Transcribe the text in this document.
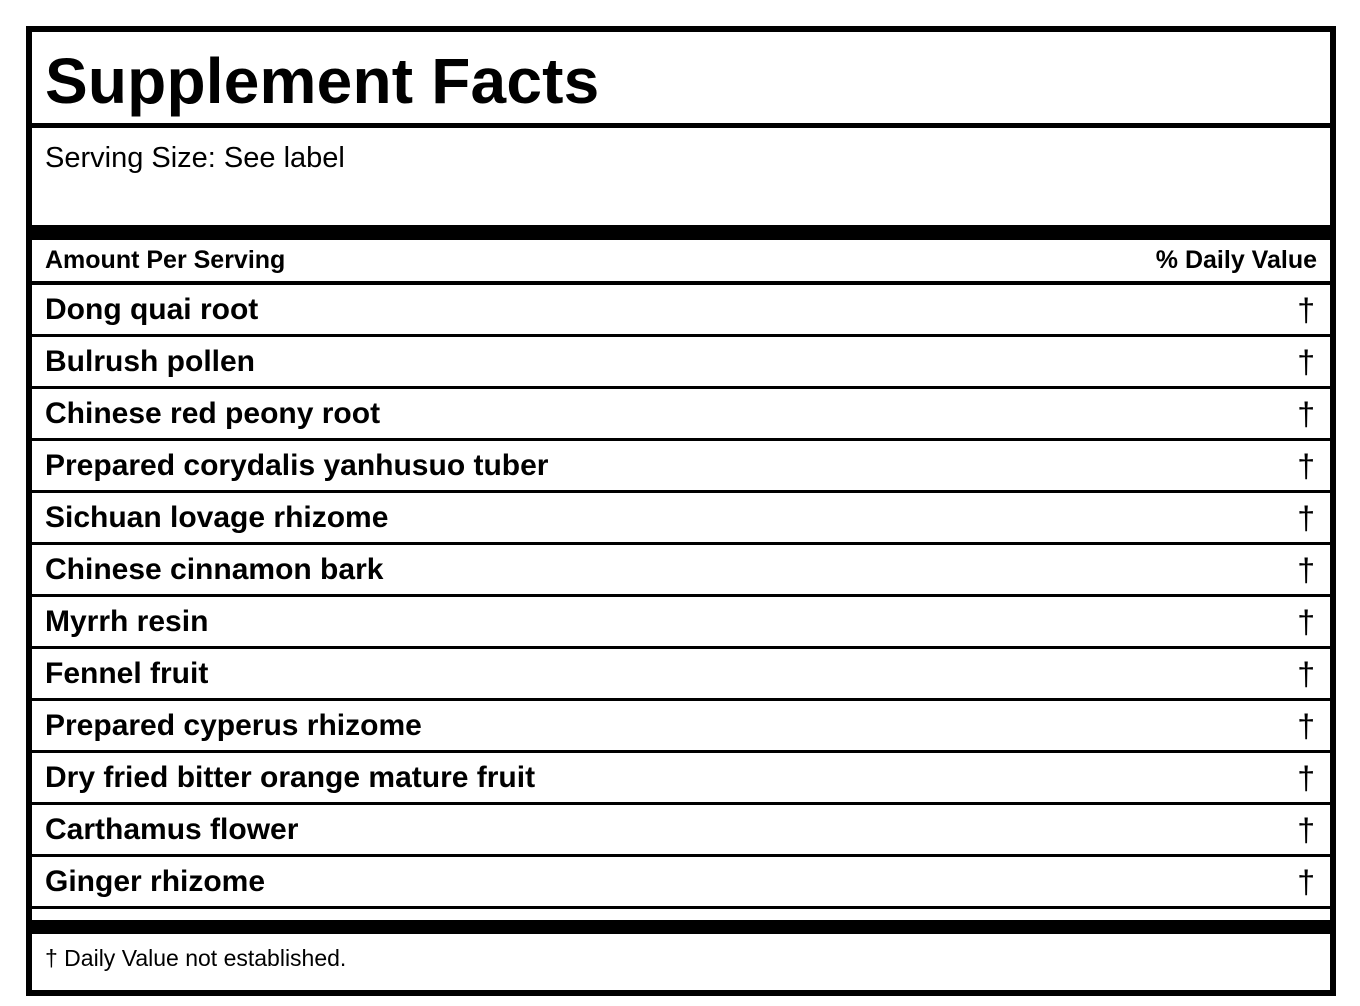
Supplement Facts
Serving Size: See label
Amount Per Serving	% Daily Value
Dong quai root	†
Bulrush pollen	†
Chinese red peony root	†
Prepared corydalis yanhusuo tuber	†
Sichuan lovage rhizome	†
Chinese cinnamon bark	†
Myrrh resin	†
Fennel fruit	†
Prepared cyperus rhizome	†
Dry fried bitter orange mature fruit	†
Carthamus flower	†
Ginger rhizome	†
† Daily Value not established.
